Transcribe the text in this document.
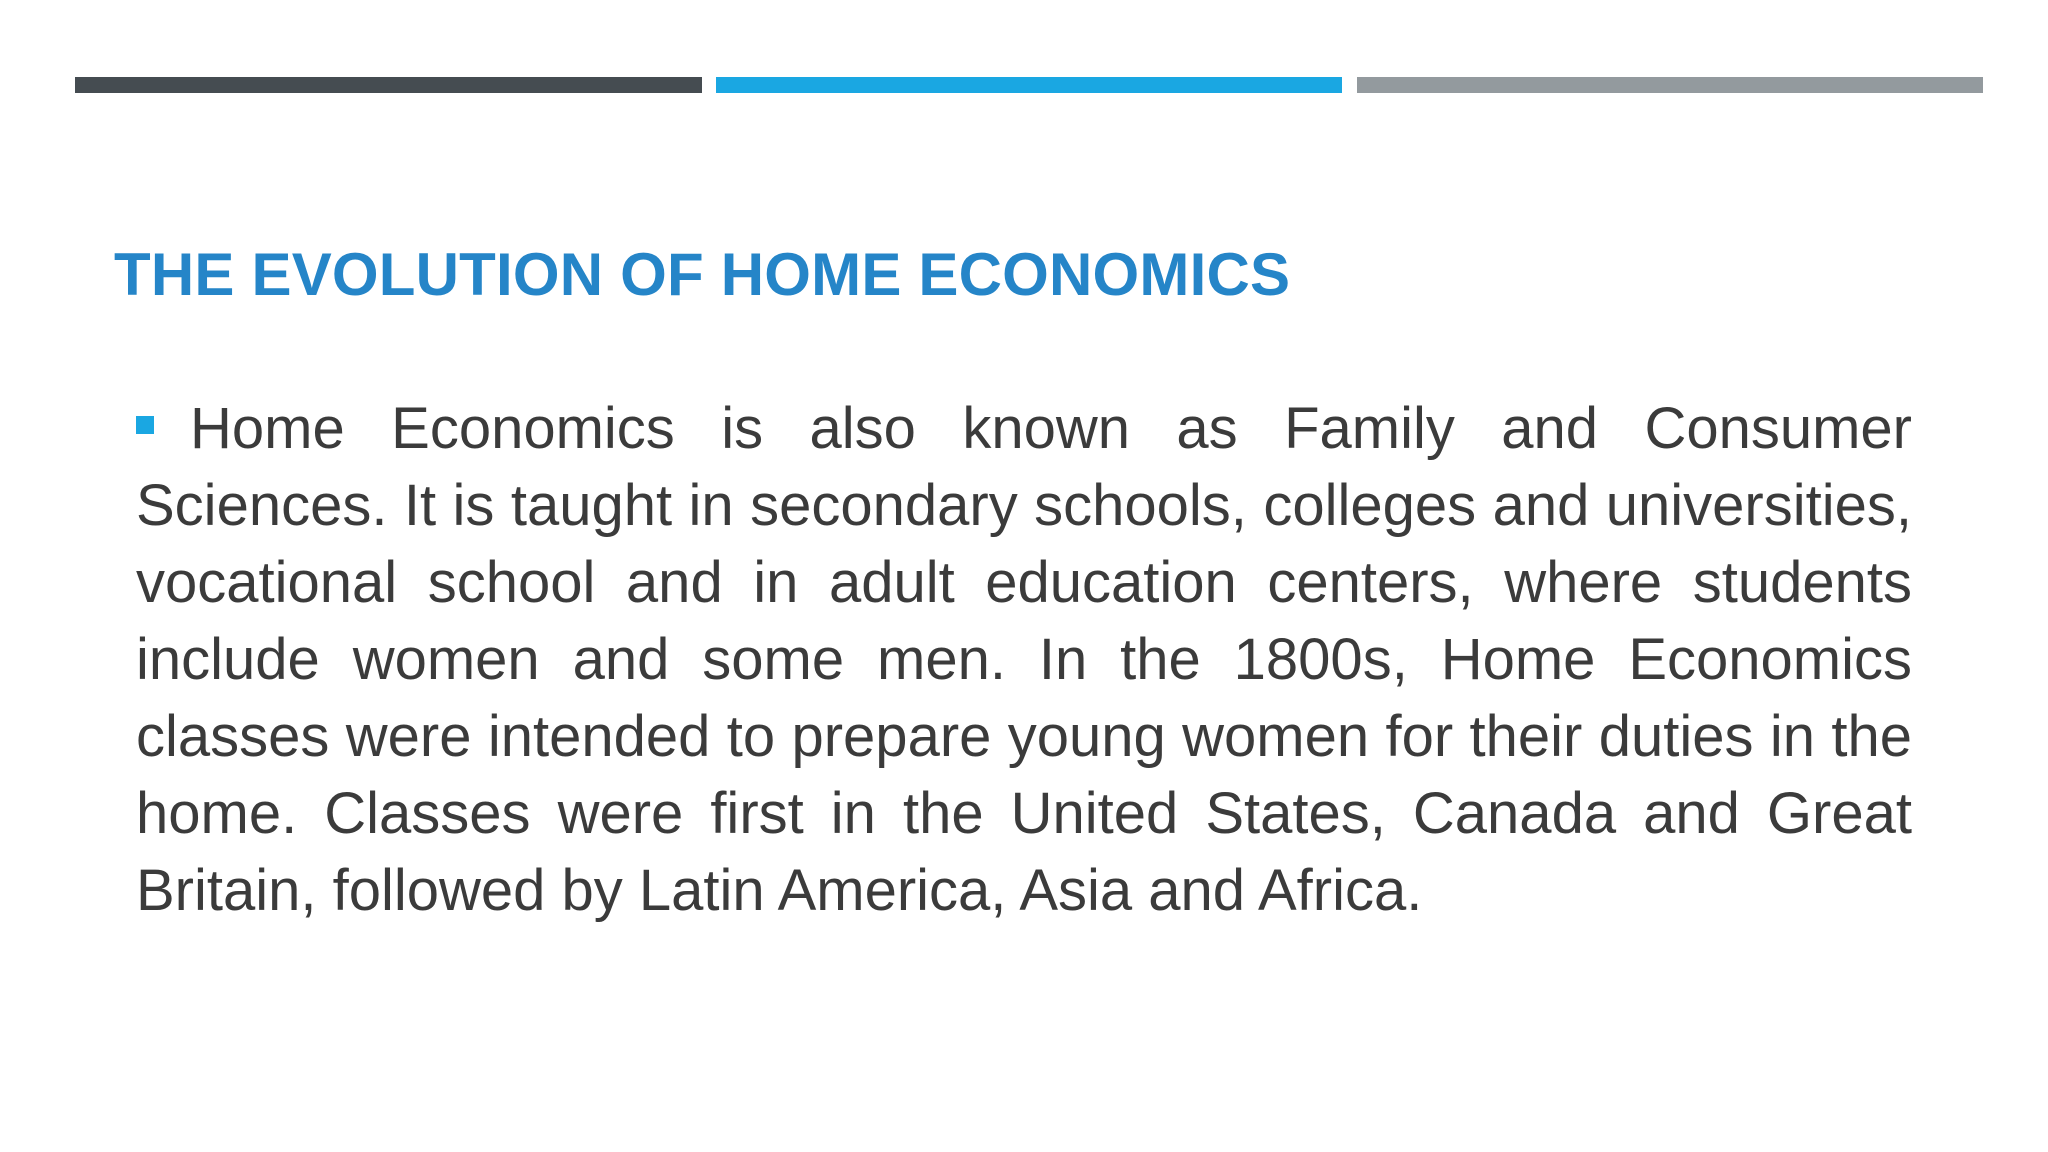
THE EVOLUTION OF HOME ECONOMICS

Home Economics is also known as Family and Consumer Sciences. It is taught in secondary schools, colleges and universities, vocational school and in adult education centers, where students include women and some men. In the 1800s, Home Economics classes were intended to prepare young women for their duties in the home. Classes were first in the United States, Canada and Great Britain, followed by Latin America, Asia and Africa.
